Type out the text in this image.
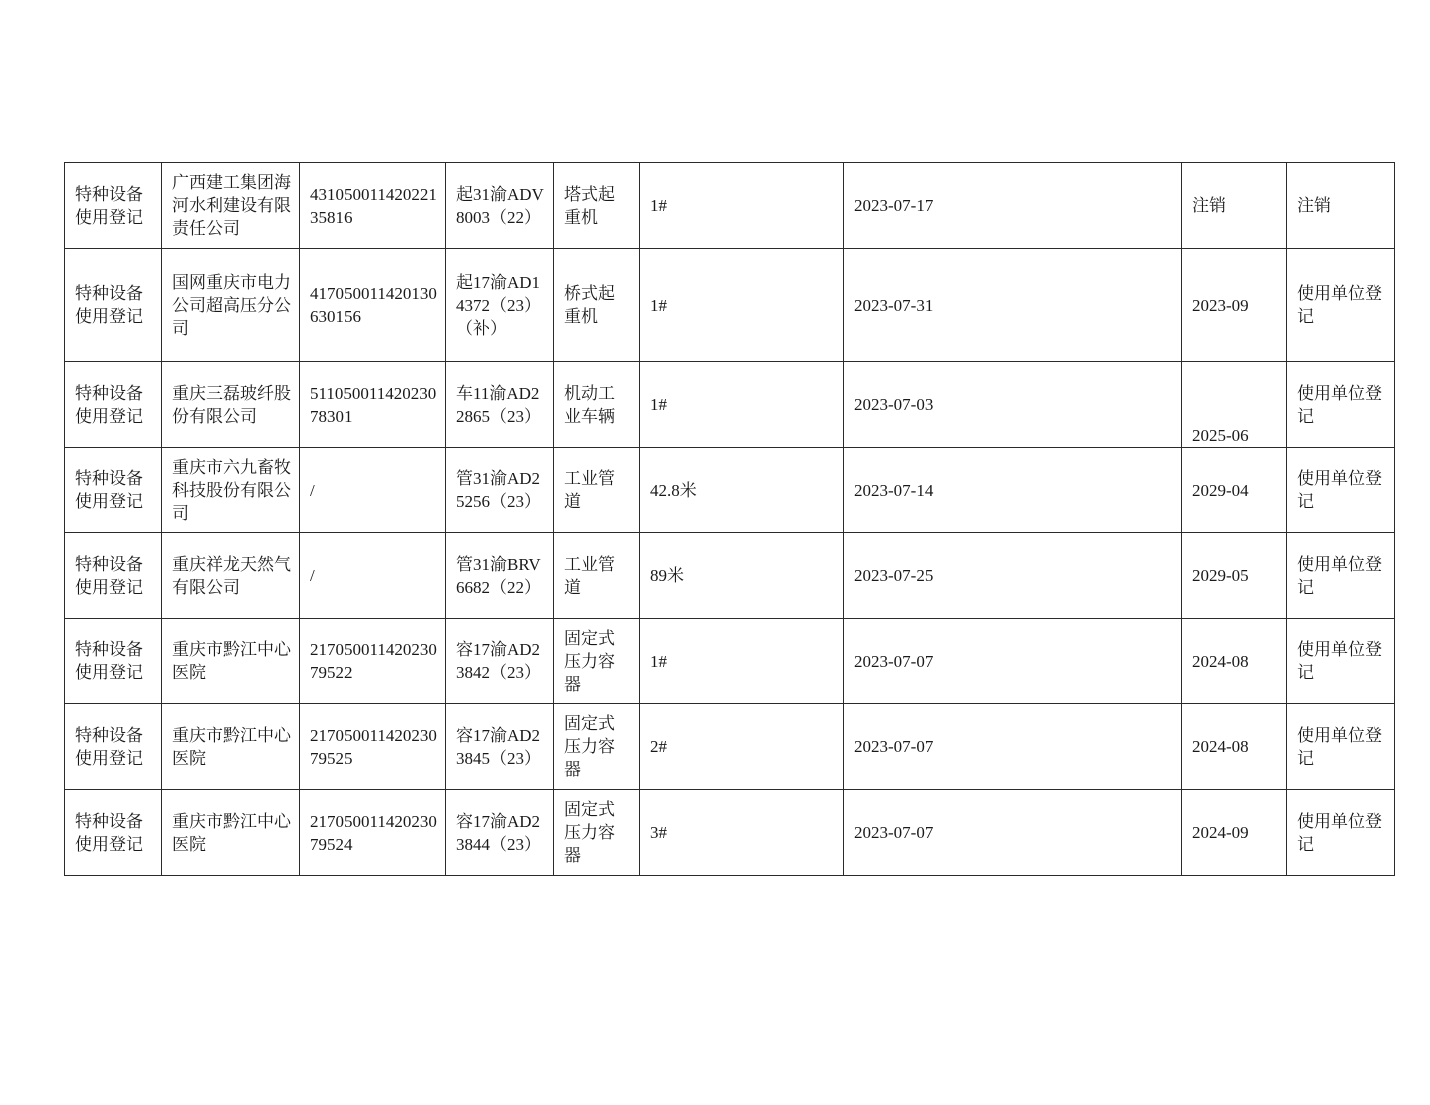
特种设备使用登记	广西建工集团海河水利建设有限责任公司	43105001142022135816	起31渝ADV8003（22）	塔式起重机	1#	2023-07-17	注销	注销
特种设备使用登记	国网重庆市电力公司超高压分公司	417050011420130630156	起17渝AD14372（23）（补）	桥式起重机	1#	2023-07-31	2023-09	使用单位登记
特种设备使用登记	重庆三磊玻纤股份有限公司	51105001142023078301	车11渝AD22865（23）	机动工业车辆	1#	2023-07-03	2025-06	使用单位登记
特种设备使用登记	重庆市六九畜牧科技股份有限公司	/	管31渝AD25256（23）	工业管道	42.8米	2023-07-14	2029-04	使用单位登记
特种设备使用登记	重庆祥龙天然气有限公司	/	管31渝BRV6682（22）	工业管道	89米	2023-07-25	2029-05	使用单位登记
特种设备使用登记	重庆市黔江中心医院	21705001142023079522	容17渝AD23842（23）	固定式压力容器	1#	2023-07-07	2024-08	使用单位登记
特种设备使用登记	重庆市黔江中心医院	21705001142023079525	容17渝AD23845（23）	固定式压力容器	2#	2023-07-07	2024-08	使用单位登记
特种设备使用登记	重庆市黔江中心医院	21705001142023079524	容17渝AD23844（23）	固定式压力容器	3#	2023-07-07	2024-09	使用单位登记
